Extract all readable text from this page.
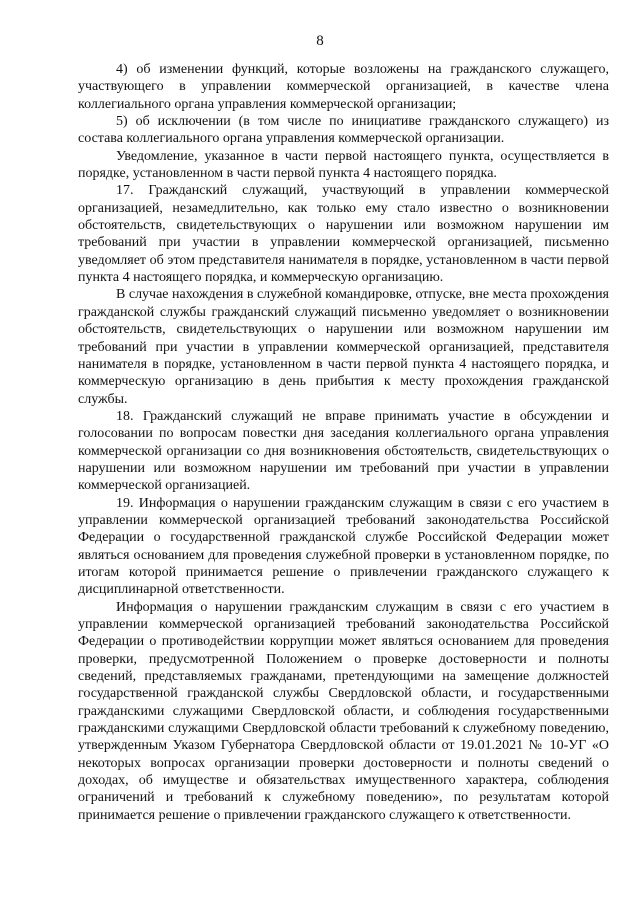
8

4) об изменении функций, которые возложены на гражданского служащего, участвующего в управлении коммерческой организацией, в качестве члена коллегиального органа управления коммерческой организации;

5) об исключении (в том числе по инициативе гражданского служащего) из состава коллегиального органа управления коммерческой организации.

Уведомление, указанное в части первой настоящего пункта, осуществляется в порядке, установленном в части первой пункта 4 настоящего порядка.

17. Гражданский служащий, участвующий в управлении коммерческой организацией, незамедлительно, как только ему стало известно о возникновении обстоятельств, свидетельствующих о нарушении или возможном нарушении им требований при участии в управлении коммерческой организацией, письменно уведомляет об этом представителя нанимателя в порядке, установленном в части первой пункта 4 настоящего порядка, и коммерческую организацию.

В случае нахождения в служебной командировке, отпуске, вне места прохождения гражданской службы гражданский служащий письменно уведомляет о возникновении обстоятельств, свидетельствующих о нарушении или возможном нарушении им требований при участии в управлении коммерческой организацией, представителя нанимателя в порядке, установленном в части первой пункта 4 настоящего порядка, и коммерческую организацию в день прибытия к месту прохождения гражданской службы.

18. Гражданский служащий не вправе принимать участие в обсуждении и голосовании по вопросам повестки дня заседания коллегиального органа управления коммерческой организации со дня возникновения обстоятельств, свидетельствующих о нарушении или возможном нарушении им требований при участии в управлении коммерческой организацией.

19. Информация о нарушении гражданским служащим в связи с его участием в управлении коммерческой организацией требований законодательства Российской Федерации о государственной гражданской службе Российской Федерации может являться основанием для проведения служебной проверки в установленном порядке, по итогам которой принимается решение о привлечении гражданского служащего к дисциплинарной ответственности.

Информация о нарушении гражданским служащим в связи с его участием в управлении коммерческой организацией требований законодательства Российской Федерации о противодействии коррупции может являться основанием для проведения проверки, предусмотренной Положением о проверке достоверности и полноты сведений, представляемых гражданами, претендующими на замещение должностей государственной гражданской службы Свердловской области, и государственными гражданскими служащими Свердловской области, и соблюдения государственными гражданскими служащими Свердловской области требований к служебному поведению, утвержденным Указом Губернатора Свердловской области от 19.01.2021 № 10-УГ «О некоторых вопросах организации проверки достоверности и полноты сведений о доходах, об имуществе и обязательствах имущественного характера, соблюдения ограничений и требований к служебному поведению», по результатам которой принимается решение о привлечении гражданского служащего к ответственности.
